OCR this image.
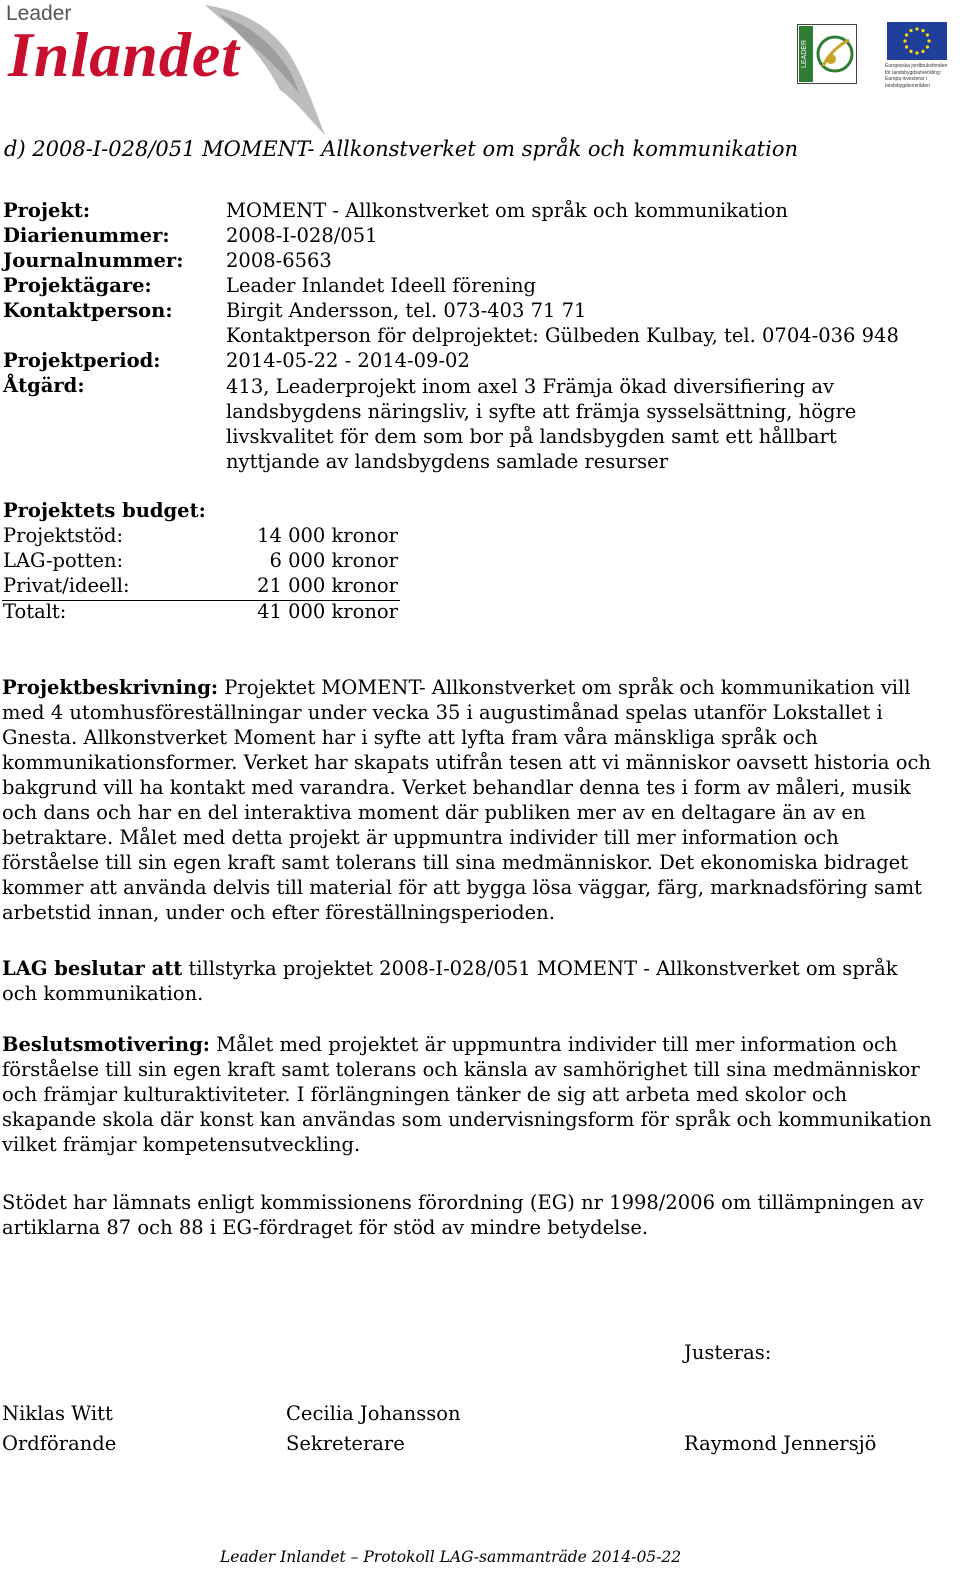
Leader
Inlandet	LEADER	Europeiska jordbruksfonden för landsbygdsutveckling: Europa investerar i landsbygdsområden
d) 2008-I-028/051 MOMENT- Allkonstverket om språk och kommunikation
Projekt:	MOMENT - Allkonstverket om språk och kommunikation
Diarienummer:	2008-I-028/051
Journalnummer: 2008-6563
Projektägare:	Leader Inlandet Ideell förening
Kontaktperson:	Birgit Andersson, tel. 073-403 71 71
Kontaktperson för delprojektet: Gülbeden Kulbay, tel. 0704-036 948
Projektperiod:	2014-05-22 - 2014-09-02
Åtgärd:	413, Leaderprojekt inom axel 3 Främja ökad diversifiering av
landsbygdens näringsliv, i syfte att främja sysselsättning, högre
livskvalitet för dem som bor på landsbygden samt ett hållbart
nyttjande av landsbygdens samlade resurser
Projektets budget:
Projektstöd:	14 000 kronor
LAG-potten:	6 000 kronor
Privat/ideell:	21 000 kronor
Totalt:	41 000 kronor
Projektbeskrivning: Projektet MOMENT- Allkonstverket om språk och kommunikation vill
med 4 utomhusföreställningar under vecka 35 i augustimånad spelas utanför Lokstallet i
Gnesta. Allkonstverket Moment har i syfte att lyfta fram våra mänskliga språk och
kommunikationsformer. Verket har skapats utifrån tesen att vi människor oavsett historia och
bakgrund vill ha kontakt med varandra. Verket behandlar denna tes i form av måleri, musik
och dans och har en del interaktiva moment där publiken mer av en deltagare än av en
betraktare. Målet med detta projekt är uppmuntra individer till mer information och
förståelse till sin egen kraft samt tolerans till sina medmänniskor. Det ekonomiska bidraget
kommer att använda delvis till material för att bygga lösa väggar, färg, marknadsföring samt
arbetstid innan, under och efter föreställningsperioden.
LAG beslutar att tillstyrka projektet 2008-I-028/051 MOMENT - Allkonstverket om språk
och kommunikation.
Beslutsmotivering: Målet med projektet är uppmuntra individer till mer information och
förståelse till sin egen kraft samt tolerans och känsla av samhörighet till sina medmänniskor
och främjar kulturaktiviteter. I förlängningen tänker de sig att arbeta med skolor och
skapande skola där konst kan användas som undervisningsform för språk och kommunikation
vilket främjar kompetensutveckling.
Stödet har lämnats enligt kommissionens förordning (EG) nr 1998/2006 om tillämpningen av
artiklarna 87 och 88 i EG-fördraget för stöd av mindre betydelse.
Justeras:
Niklas Witt
Ordförande
Cecilia Johansson
Sekreterare	Raymond Jennersjö
Leader Inlandet – Protokoll LAG-sammanträde 2014-05-22
